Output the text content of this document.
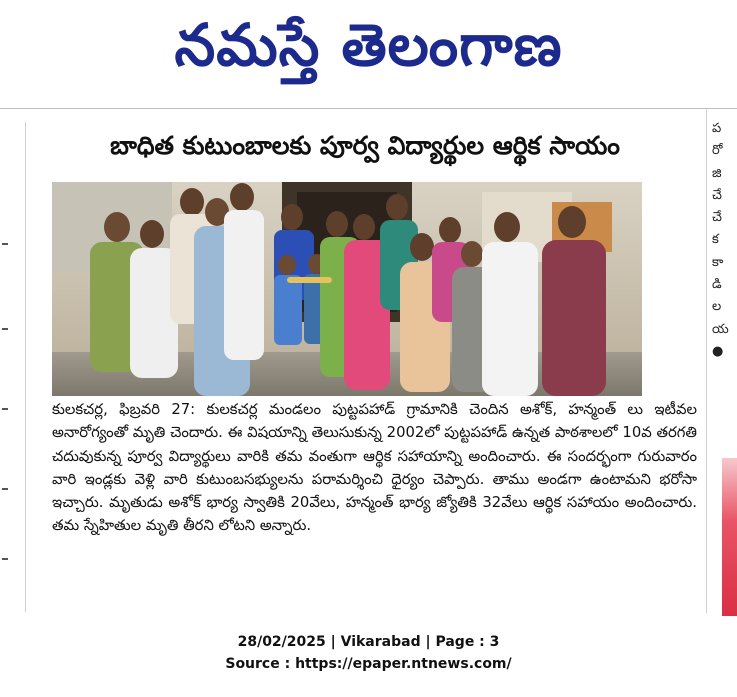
నమస్తే తెలంగాణ
బాధిత కుటుంబాలకు పూర్వ విద్యార్థుల ఆర్థిక సాయం
కులకచర్ల, ఫిబ్రవరి 27: కులకచర్ల మండలం పుట్టపహాడ్ గ్రామానికి చెందిన అశోక్, హన్మంత్ లు ఇటీవల అనారోగ్యంతో మృతి చెందారు. ఈ విషయాన్ని తెలుసుకున్న 2002లో పుట్టపహాడ్ ఉన్నత పాఠశాలలో 10వ తరగతి చదువుకున్న పూర్వ విద్యార్థులు వారికి తమ వంతుగా ఆర్థిక సహాయాన్ని అందించారు. ఈ సందర్భంగా గురువారం వారి ఇండ్లకు వెళ్లి వారి కుటుంబసభ్యులను పరామర్శించి ధైర్యం చెప్పారు. తాము అండగా ఉంటామని భరోసా ఇచ్చారు. మృతుడు అశోక్ భార్య స్వాతికి 20వేలు, హన్మంత్ భార్య జ్యోతికి 32వేలు ఆర్థిక సహాయం అందించారు. తమ స్నేహితుల మృతి తీరని లోటని అన్నారు.
ప
రో
జి
చే
చే
క
కా
డి
ల
య
●
28/02/2025 | Vikarabad | Page : 3
Source : https://epaper.ntnews.com/
